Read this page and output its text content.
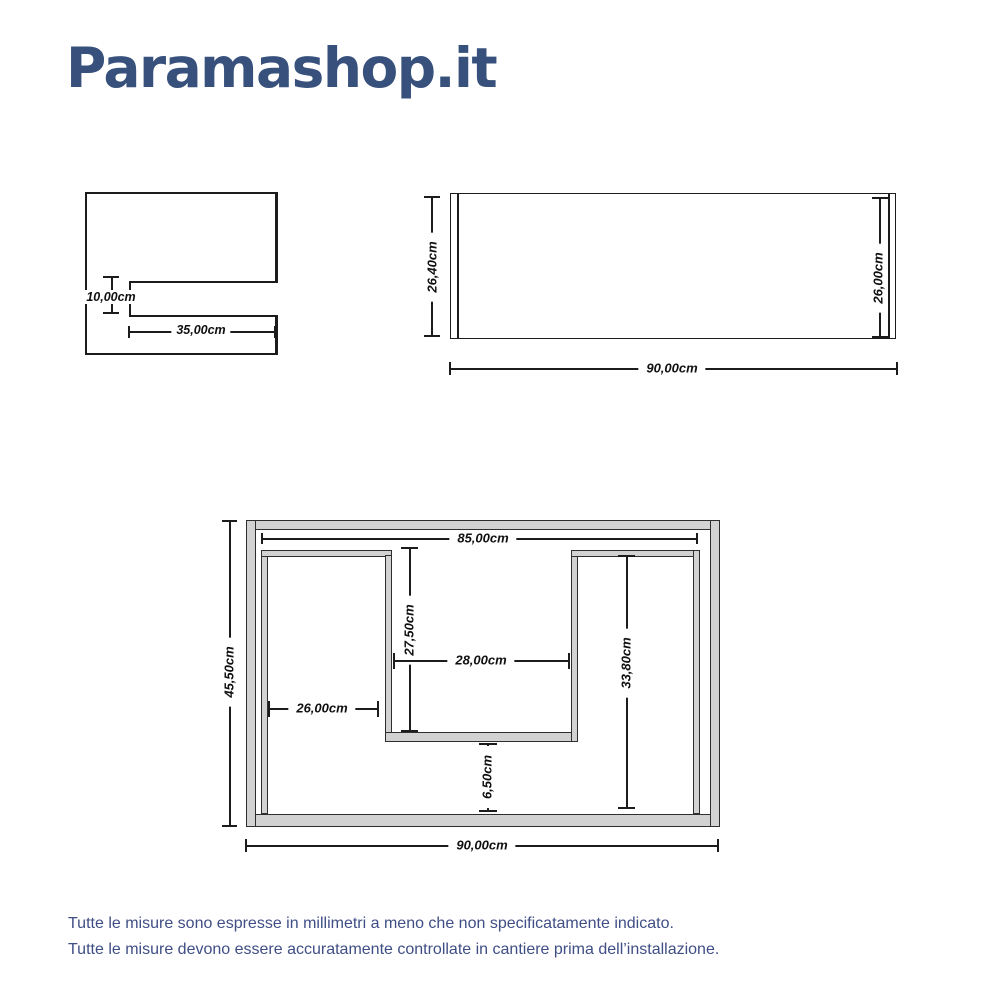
Paramashop.it
10,00cm
35,00cm
26,40cm	26,00cm
90,00cm
85,00cm
27,50cm
28,00cm
26,00cm
33,80cm
6,50cm
45,50cm
90,00cm
Tutte le misure sono espresse in millimetri a meno che non specificatamente indicato.
Tutte le misure devono essere accuratamente controllate in cantiere prima dell’installazione.
